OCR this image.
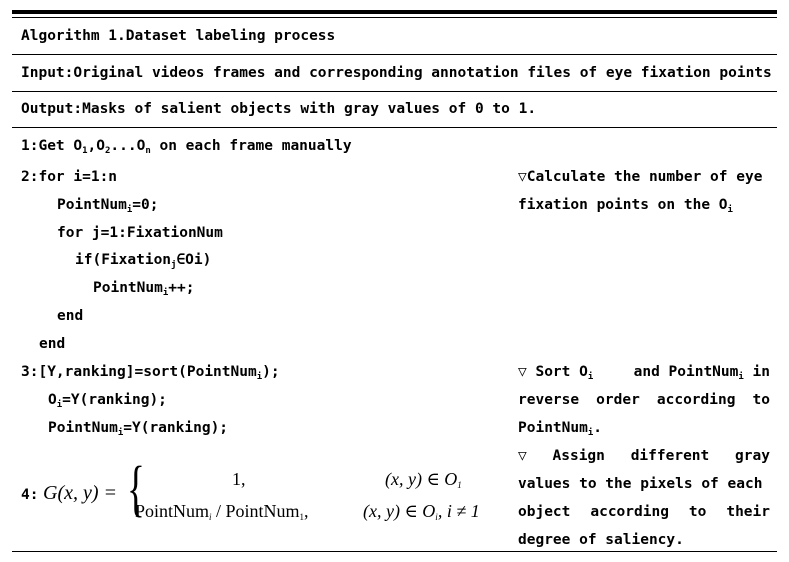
Algorithm 1.Dataset labeling process
Input:Original videos frames and corresponding annotation files of eye fixation points
Output:Masks of salient objects with gray values of 0 to 1.
1:Get $O_1,O_2...O_n$ on each frame manually
2:for i=1:n
PointNum$_i$=0;
for j=1:FixationNum
if(Fixation$_j$∈Oi)
PointNum$_i$++;
end
end
▽Calculate the number of eye
fixation points on the $O_i$
3:[Y,ranking]=sort(PointNum$_i$);
$O_i=Y(ranking)$;
PointNum$_i$=Y(ranking);
▽ Sort $O_i$	and PointNum$_i$ in
reverse order according to
PointNum$_i$.
▽ Assign different gray
values to the pixels of each
object according to their
degree of saliency.
4: G(x, y) = {	1,	(x, y) ∈ $O_1$
PointNum$_i$ / PointNum$_1$,	(x, y) ∈ $O_i$, i ≠ 1
